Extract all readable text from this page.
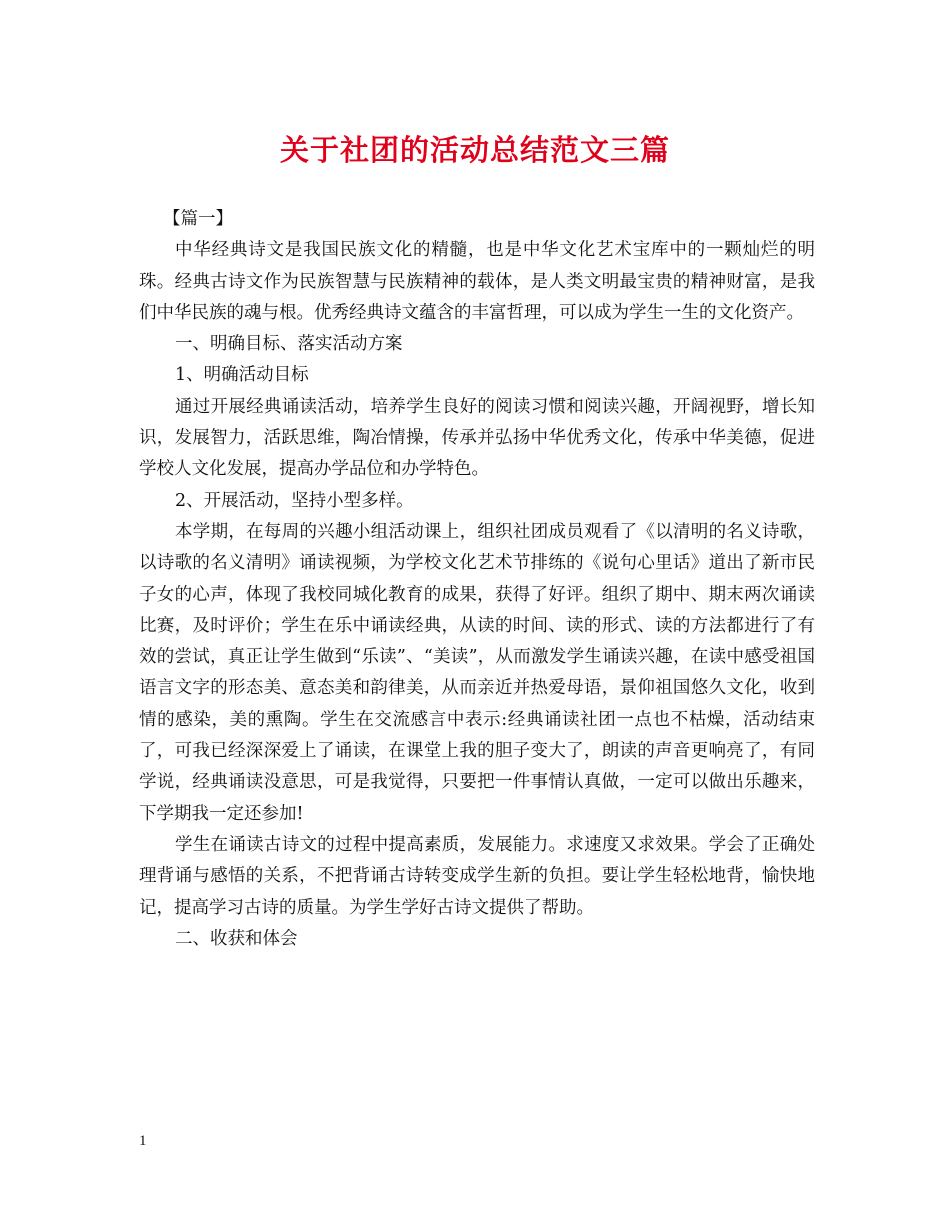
关于社团的活动总结范文三篇

【篇一】

中华经典诗文是我国民族文化的精髓，也是中华文化艺术宝库中的一颗灿烂的明珠。经典古诗文作为民族智慧与民族精神的载体，是人类文明最宝贵的精神财富，是我们中华民族的魂与根。优秀经典诗文蕴含的丰富哲理，可以成为学生一生的文化资产。

一、明确目标、落实活动方案

1、明确活动目标

通过开展经典诵读活动，培养学生良好的阅读习惯和阅读兴趣，开阔视野，增长知识，发展智力，活跃思维，陶冶情操，传承并弘扬中华优秀文化，传承中华美德，促进学校人文化发展，提高办学品位和办学特色。

2、开展活动，坚持小型多样。

本学期，在每周的兴趣小组活动课上，组织社团成员观看了《以清明的名义诗歌，以诗歌的名义清明》诵读视频，为学校文化艺术节排练的《说句心里话》道出了新市民子女的心声，体现了我校同城化教育的成果，获得了好评。组织了期中、期末两次诵读比赛，及时评价；学生在乐中诵读经典，从读的时间、读的形式、读的方法都进行了有效的尝试，真正让学生做到“乐读”、“美读”，从而激发学生诵读兴趣，在读中感受祖国语言文字的形态美、意态美和韵律美，从而亲近并热爱母语，景仰祖国悠久文化，收到情的感染，美的熏陶。学生在交流感言中表示:经典诵读社团一点也不枯燥，活动结束了，可我已经深深爱上了诵读，在课堂上我的胆子变大了，朗读的声音更响亮了，有同学说，经典诵读没意思，可是我觉得，只要把一件事情认真做，一定可以做出乐趣来，下学期我一定还参加!

学生在诵读古诗文的过程中提高素质，发展能力。求速度又求效果。学会了正确处理背诵与感悟的关系，不把背诵古诗转变成学生新的负担。要让学生轻松地背，愉快地记，提高学习古诗的质量。为学生学好古诗文提供了帮助。

二、收获和体会

1
